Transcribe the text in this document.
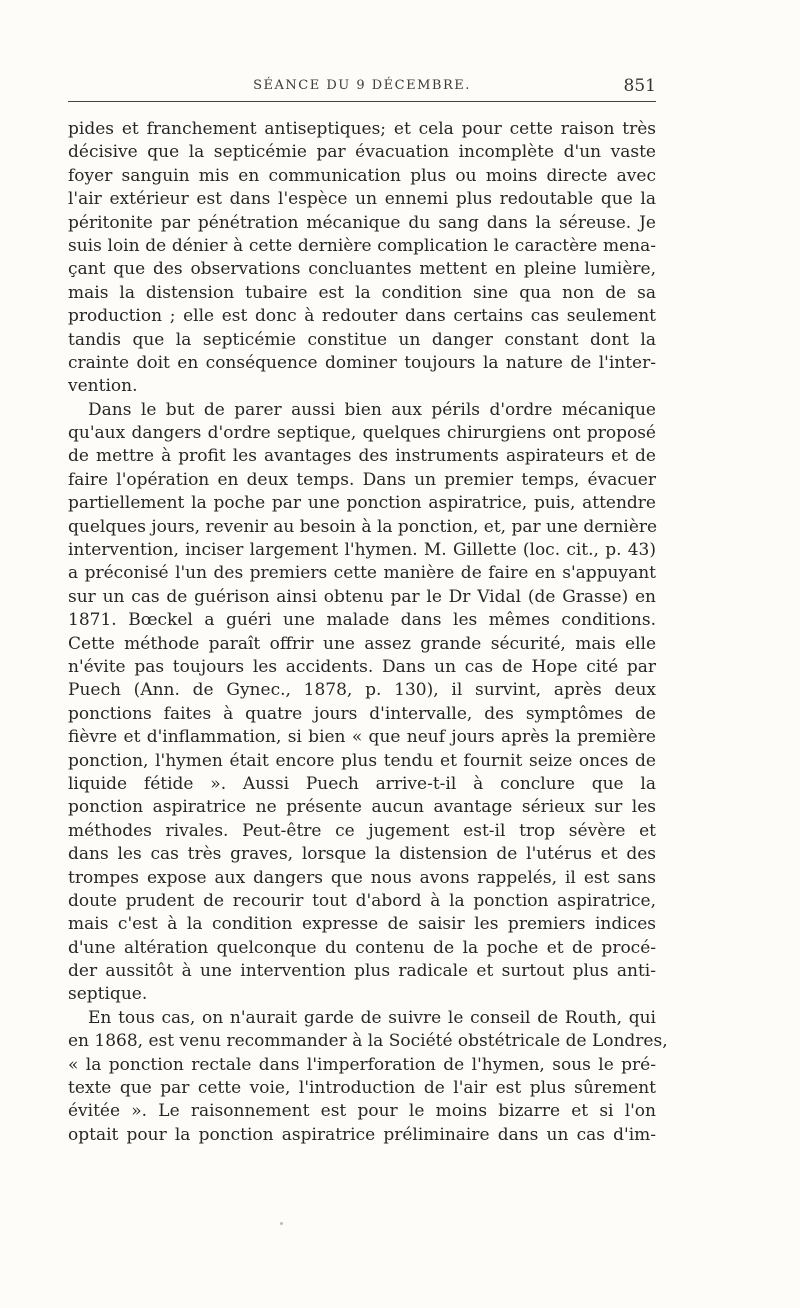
SÉANCE DU 9 DÉCEMBRE.	851
pides et franchement antiseptiques; et cela pour cette raison très
décisive que la septicémie par évacuation incomplète d'un vaste
foyer sanguin mis en communication plus ou moins directe avec
l'air extérieur est dans l'espèce un ennemi plus redoutable que la
péritonite par pénétration mécanique du sang dans la séreuse. Je
suis loin de dénier à cette dernière complication le caractère mena-
çant que des observations concluantes mettent en pleine lumière,
mais la distension tubaire est la condition sine qua non de sa
production ; elle est donc à redouter dans certains cas seulement
tandis que la septicémie constitue un danger constant dont la
crainte doit en conséquence dominer toujours la nature de l'inter-
vention.
Dans le but de parer aussi bien aux périls d'ordre mécanique
qu'aux dangers d'ordre septique, quelques chirurgiens ont proposé
de mettre à profit les avantages des instruments aspirateurs et de
faire l'opération en deux temps. Dans un premier temps, évacuer
partiellement la poche par une ponction aspiratrice, puis, attendre
quelques jours, revenir au besoin à la ponction, et, par une dernière
intervention, inciser largement l'hymen. M. Gillette (loc. cit., p. 43)
a préconisé l'un des premiers cette manière de faire en s'appuyant
sur un cas de guérison ainsi obtenu par le Dr Vidal (de Grasse) en
1871. Bœckel a guéri une malade dans les mêmes conditions.
Cette méthode paraît offrir une assez grande sécurité, mais elle
n'évite pas toujours les accidents. Dans un cas de Hope cité par
Puech (Ann. de Gynec., 1878, p. 130), il survint, après deux
ponctions faites à quatre jours d'intervalle, des symptômes de
fièvre et d'inflammation, si bien « que neuf jours après la première
ponction, l'hymen était encore plus tendu et fournit seize onces de
liquide fétide ». Aussi Puech arrive-t-il à conclure que la
ponction aspiratrice ne présente aucun avantage sérieux sur les
méthodes rivales. Peut-être ce jugement est-il trop sévère et
dans les cas très graves, lorsque la distension de l'utérus et des
trompes expose aux dangers que nous avons rappelés, il est sans
doute prudent de recourir tout d'abord à la ponction aspiratrice,
mais c'est à la condition expresse de saisir les premiers indices
d'une altération quelconque du contenu de la poche et de procé-
der aussitôt à une intervention plus radicale et surtout plus anti-
septique.
En tous cas, on n'aurait garde de suivre le conseil de Routh, qui
en 1868, est venu recommander à la Société obstétricale de Londres,
« la ponction rectale dans l'imperforation de l'hymen, sous le pré-
texte que par cette voie, l'introduction de l'air est plus sûrement
évitée ». Le raisonnement est pour le moins bizarre et si l'on
optait pour la ponction aspiratrice préliminaire dans un cas d'im-
